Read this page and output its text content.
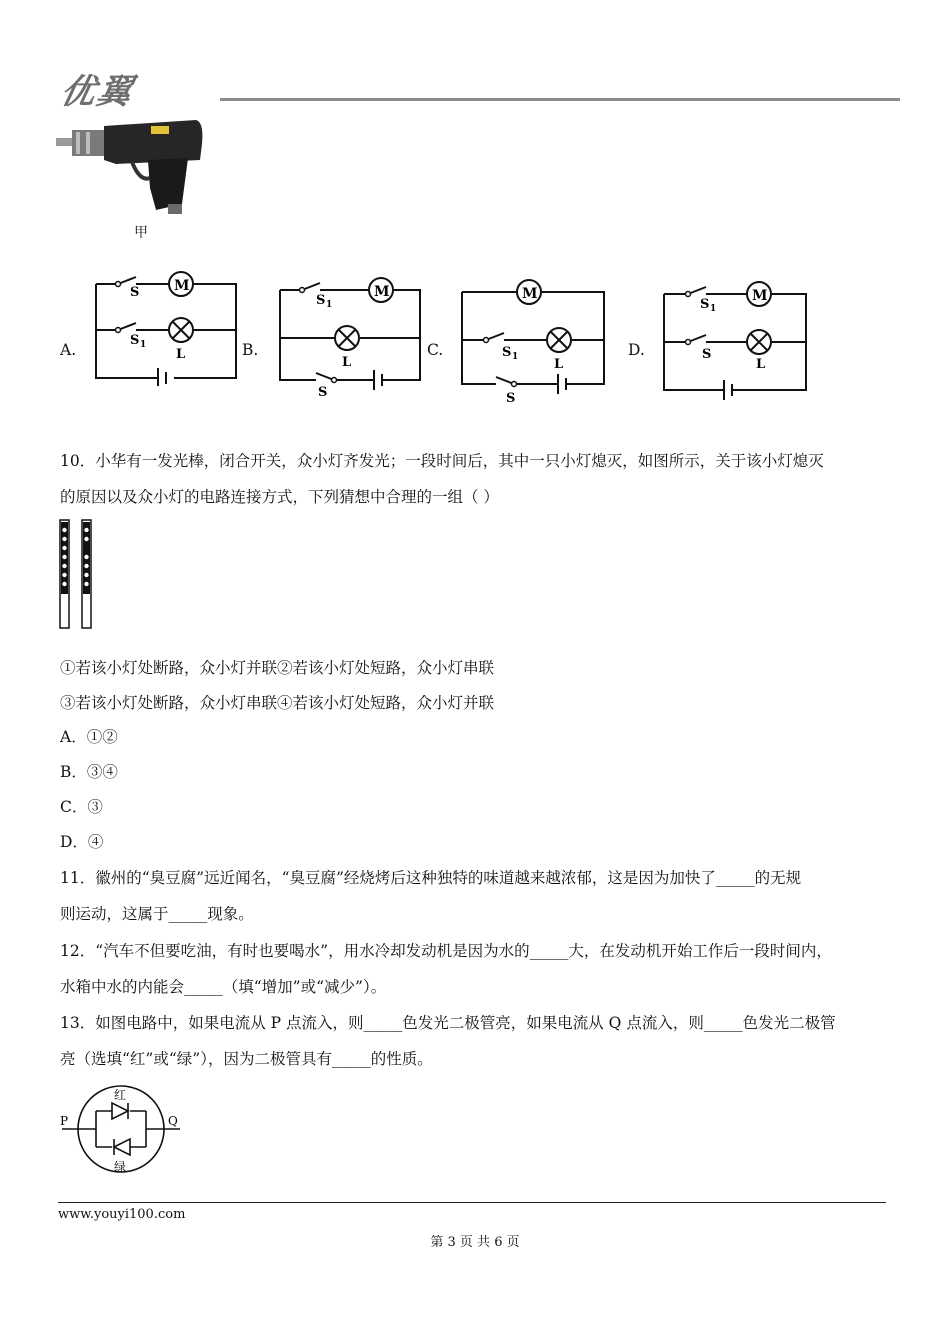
优翼
甲
A.	B.	C.	D.
M
S
S 1
L
M
S 1
L
S
M
S 1	L
S
M
S 1
S
L
10．小华有一发光棒，闭合开关，众小灯齐发光；一段时间后，其中一只小灯熄灭，如图所示，关于该小灯熄灭
的原因以及众小灯的电路连接方式，下列猜想中合理的一组（ ）
①若该小灯处断路，众小灯并联②若该小灯处短路，众小灯串联
③若该小灯处断路，众小灯串联④若该小灯处短路，众小灯并联
A．①②
B．③④
C．③
D．④
11．徽州的“臭豆腐”远近闻名，“臭豆腐”经烧烤后这种独特的味道越来越浓郁，这是因为加快了_____的无规
则运动，这属于_____现象。
12．“汽车不但要吃油，有时也要喝水”，用水冷却发动机是因为水的_____大，在发动机开始工作后一段时间内，
水箱中水的内能会_____（填“增加”或“减少”）。
13．如图电路中，如果电流从 P 点流入，则_____色发光二极管亮，如果电流从 Q 点流入，则_____色发光二极管
亮（选填“红”或“绿”），因为二极管具有_____的性质。
P	Q
红
绿
www.youyi100.com
第 3 页 共 6 页
